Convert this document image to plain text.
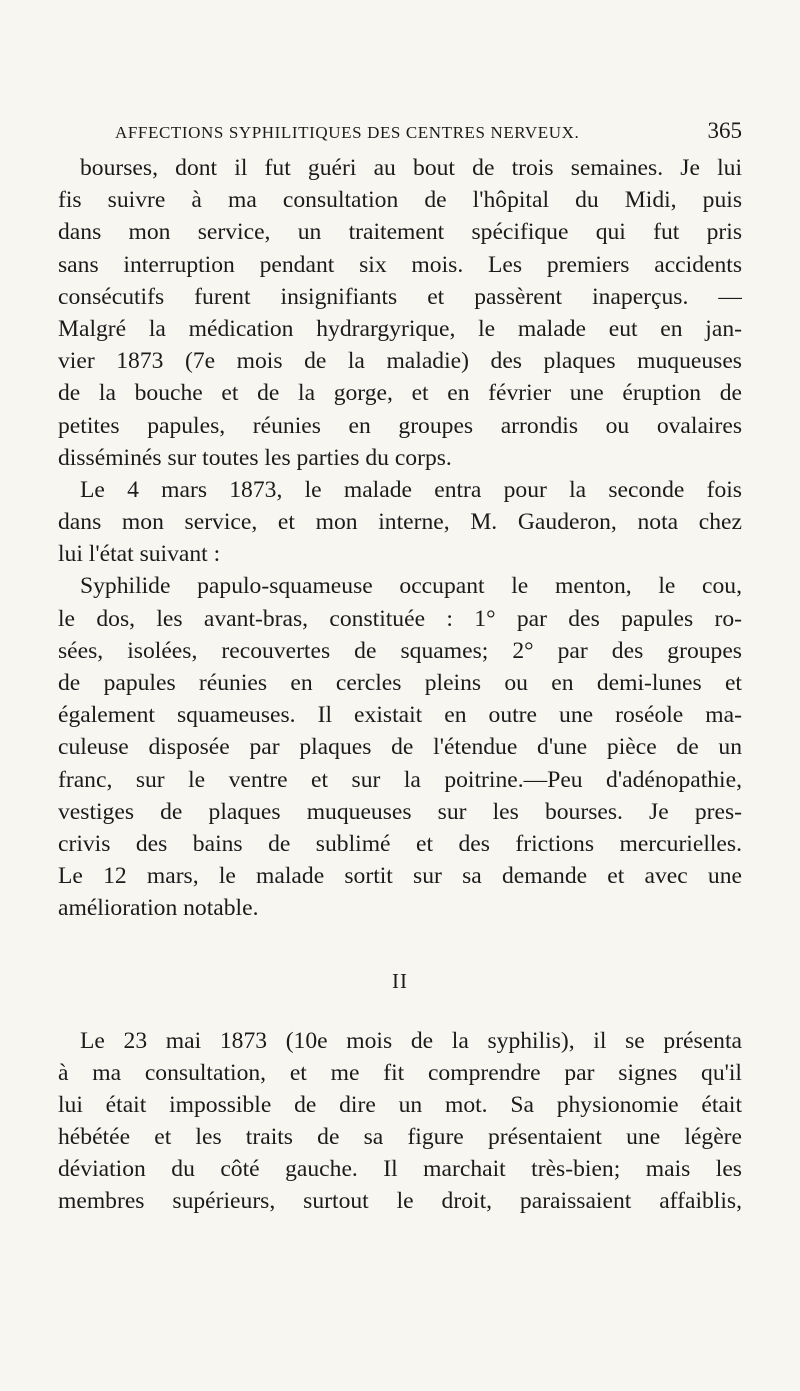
AFFECTIONS SYPHILITIQUES DES CENTRES NERVEUX.	365
bourses, dont il fut guéri au bout de trois semaines. Je lui
fis suivre à ma consultation de l'hôpital du Midi, puis
dans mon service, un traitement spécifique qui fut pris
sans interruption pendant six mois. Les premiers accidents
consécutifs furent insignifiants et passèrent inaperçus. —
Malgré la médication hydrargyrique, le malade eut en jan-
vier 1873 (7e mois de la maladie) des plaques muqueuses
de la bouche et de la gorge, et en février une éruption de
petites papules, réunies en groupes arrondis ou ovalaires
disséminés sur toutes les parties du corps.
Le 4 mars 1873, le malade entra pour la seconde fois
dans mon service, et mon interne, M. Gauderon, nota chez
lui l'état suivant :
Syphilide papulo-squameuse occupant le menton, le cou,
le dos, les avant-bras, constituée : 1° par des papules ro-
sées, isolées, recouvertes de squames; 2° par des groupes
de papules réunies en cercles pleins ou en demi-lunes et
également squameuses. Il existait en outre une roséole ma-
culeuse disposée par plaques de l'étendue d'une pièce de un
franc, sur le ventre et sur la poitrine.—Peu d'adénopathie,
vestiges de plaques muqueuses sur les bourses. Je pres-
crivis des bains de sublimé et des frictions mercurielles.
Le 12 mars, le malade sortit sur sa demande et avec une
amélioration notable.
II
Le 23 mai 1873 (10e mois de la syphilis), il se présenta
à ma consultation, et me fit comprendre par signes qu'il
lui était impossible de dire un mot. Sa physionomie était
hébétée et les traits de sa figure présentaient une légère
déviation du côté gauche. Il marchait très-bien; mais les
membres supérieurs, surtout le droit, paraissaient affaiblis,
